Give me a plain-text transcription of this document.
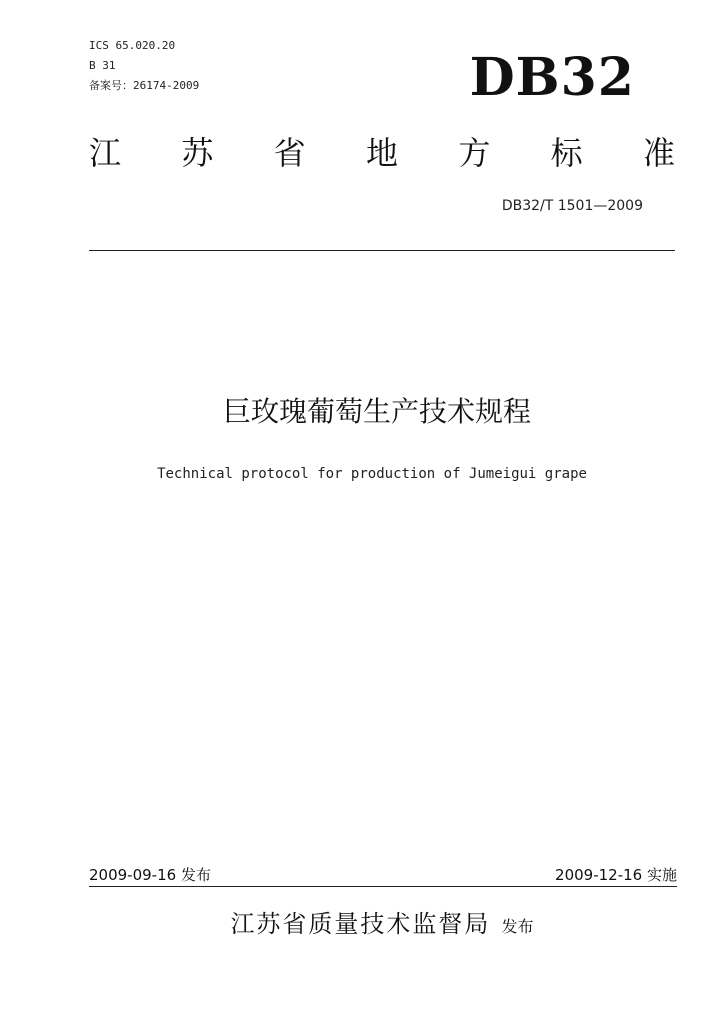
ICS 65.020.20
B 31
备案号：26174-2009	DB32
江 苏 省 地 方 标 准
DB32/T 1501—2009
巨玫瑰葡萄生产技术规程
Technical protocol for production of Jumeigui grape
2009-09-16 发布	2009-12-16 实施
江苏省质量技术监督局 发布
